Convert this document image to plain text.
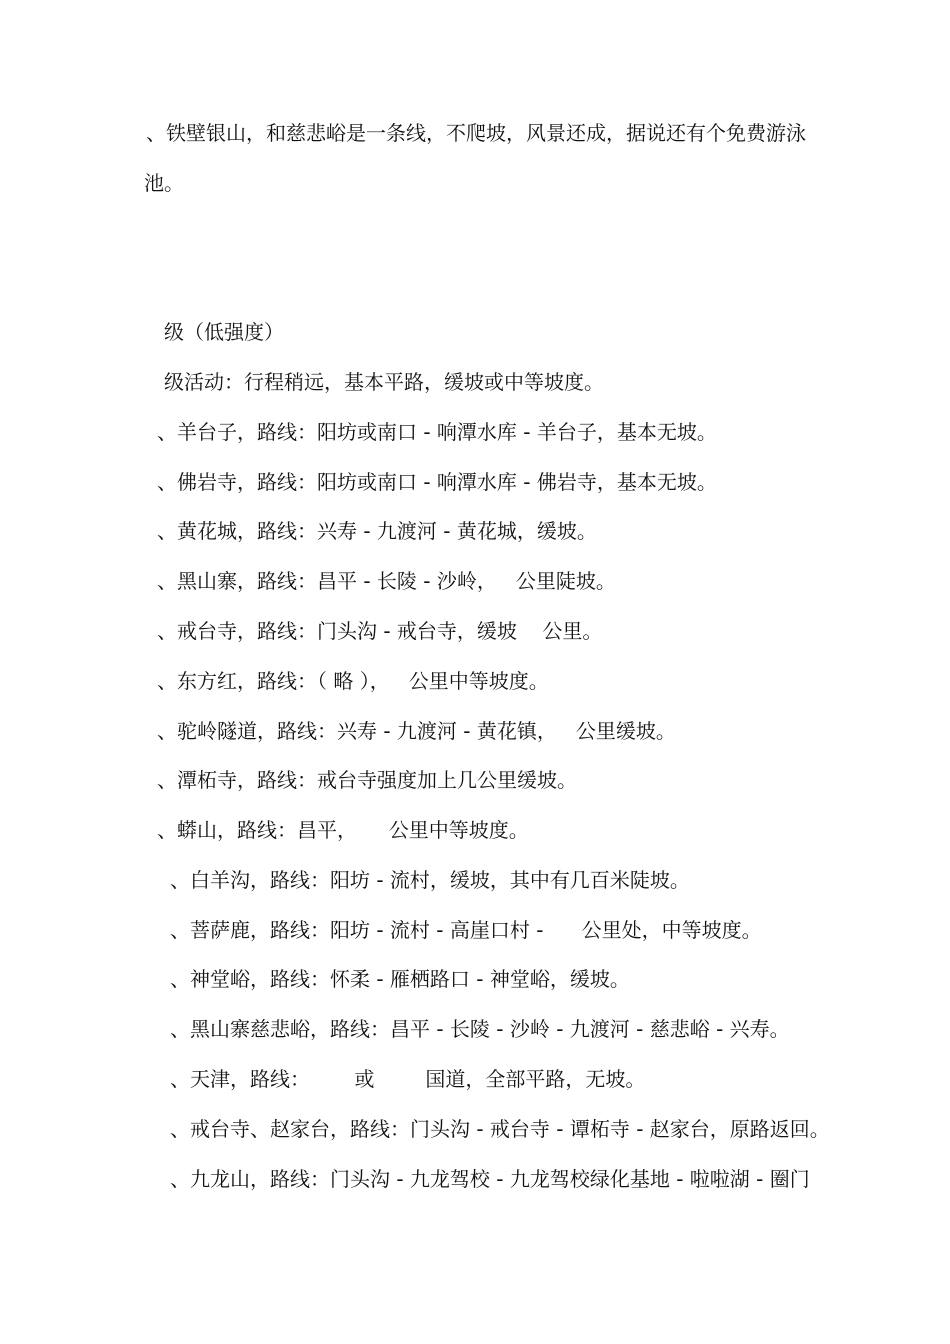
、铁壁银山，和慈悲峪是一条线，不爬坡，风景还成，据说还有个免费游泳
池。
级（低强度）
级活动：行程稍远，基本平路，缓坡或中等坡度。
、羊台子，路线：阳坊或南口 - 响潭水库 - 羊台子，基本无坡。
、佛岩寺，路线：阳坊或南口 - 响潭水库 - 佛岩寺，基本无坡。
、黄花城，路线：兴寿 - 九渡河 - 黄花城，缓坡。
、黑山寨，路线：昌平 - 长陵 - 沙岭，   公里陡坡。
、戒台寺，路线：门头沟 - 戒台寺，缓坡    公里。
、东方红，路线：（ 略 ），   公里中等坡度。
、驼岭隧道，路线：兴寿 - 九渡河 - 黄花镇，   公里缓坡。
、潭柘寺，路线：戒台寺强度加上几公里缓坡。
、蟒山，路线：昌平，     公里中等坡度。
、白羊沟，路线：阳坊 - 流村，缓坡，其中有几百米陡坡。
、菩萨鹿，路线：阳坊 - 流村 - 高崖口村 -      公里处，中等坡度。
、神堂峪，路线：怀柔 - 雁栖路口 - 神堂峪，缓坡。
、黑山寨慈悲峪，路线：昌平 - 长陵 - 沙岭 - 九渡河 - 慈悲峪 - 兴寿。
、天津，路线：       或        国道，全部平路，无坡。
、戒台寺、赵家台，路线：门头沟 - 戒台寺 - 谭柘寺 - 赵家台，原路返回。
、九龙山，路线：门头沟 - 九龙驾校 - 九龙驾校绿化基地 - 啦啦湖 - 圈门
